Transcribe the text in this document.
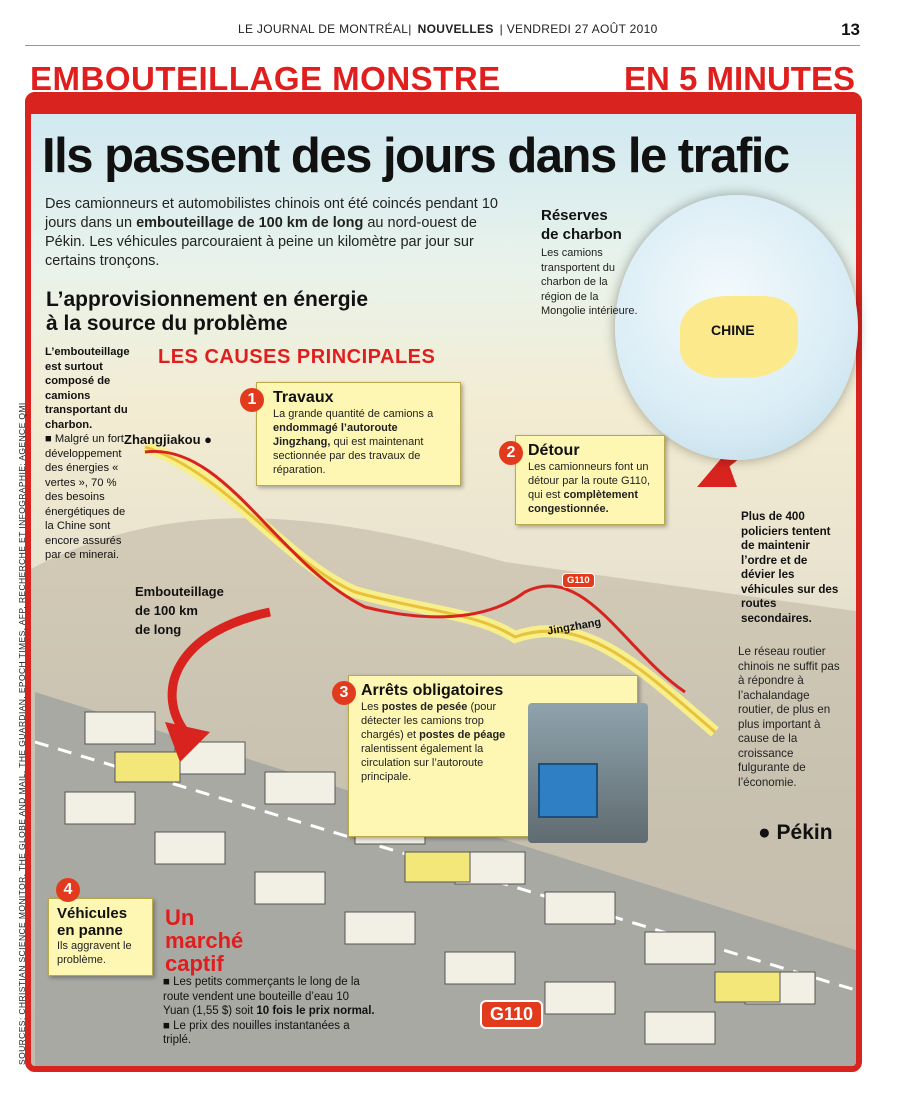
LE JOURNAL DE MONTRÉAL| NOUVELLES | VENDREDI 27 AOÛT 2010	13
EMBOUTEILLAGE MONSTRE	EN 5 MINUTES
Ils passent des jours dans le trafic

Des camionneurs et automobilistes chinois ont été coincés pendant 10 jours dans un embouteillage de 100 km de long au nord-ouest de Pékin. Les véhicules parcouraient à peine un kilomètre par jour sur certains tronçons.

L’approvisionnement en énergie
à la source du problème
LES CAUSES PRINCIPALES
L’embouteillage est surtout composé de camions transportant du charbon.
■ Malgré un fort développement des énergies « vertes », 70 % des besoins énergétiques de la Chine sont encore assurés par ce minerai.
CHINE
Réserves
de charbon
Les camions transportent du charbon de la région de la Mongolie intérieure.
Zhangjiakou ●
● Pékin
Jingzhang
G110
Embouteillage
de 100 km
de long
1	Travaux
La grande quantité de camions a endommagé l’autoroute Jingzhang, qui est maintenant sectionnée par des travaux de réparation.
2 Détour
Les camionneurs font un détour par la route G110, qui est complètement congestionnée.
3 Arrêts obligatoires
Les postes de pesée (pour détecter les camions trop chargés) et postes de péage ralentissent également la circulation sur l’autoroute principale.
4
Véhicules
en panne
Ils aggravent le problème.
Plus de 400 policiers tentent de maintenir l’ordre et de dévier les véhicules sur des routes secondaires.
Le réseau routier chinois ne suffit pas à répondre à l’achalandage routier, de plus en plus important à cause de la croissance fulgurante de l’économie.
Un
marché
captif
■ Les petits commerçants le long de la route vendent une bouteille d’eau 10 Yuan (1,55 $) soit 10 fois le prix normal.
■ Le prix des nouilles instantanées a triplé.
G110
SOURCES: CHRISTIAN SCIENCE MONITOR, THE GLOBE AND MAIL, THE GUARDIAN, EPOCH TIMES, AFP, RECHERCHE ET INFOGRAPHIE: AGENCE QMI
